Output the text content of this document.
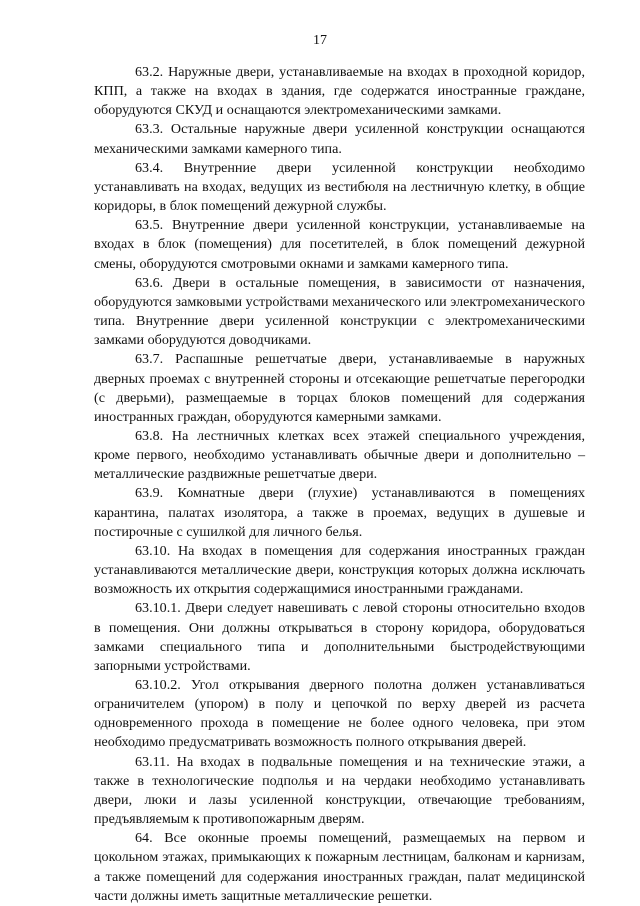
17

63.2. Наружные двери, устанавливаемые на входах в проходной коридор, КПП, а также на входах в здания, где содержатся иностранные граждане, оборудуются СКУД и оснащаются электромеханическими замками.

63.3. Остальные наружные двери усиленной конструкции оснащаются механическими замками камерного типа.

63.4. Внутренние двери усиленной конструкции необходимо устанавливать на входах, ведущих из вестибюля на лестничную клетку, в общие коридоры, в блок помещений дежурной службы.

63.5. Внутренние двери усиленной конструкции, устанавливаемые на входах в блок (помещения) для посетителей, в блок помещений дежурной смены, оборудуются смотровыми окнами и замками камерного типа.

63.6. Двери в остальные помещения, в зависимости от назначения, оборудуются замковыми устройствами механического или электромеханического типа. Внутренние двери усиленной конструкции с электромеханическими замками оборудуются доводчиками.

63.7. Распашные решетчатые двери, устанавливаемые в наружных дверных проемах с внутренней стороны и отсекающие решетчатые перегородки (с дверьми), размещаемые в торцах блоков помещений для содержания иностранных граждан, оборудуются камерными замками.

63.8. На лестничных клетках всех этажей специального учреждения, кроме первого, необходимо устанавливать обычные двери и дополнительно – металлические раздвижные решетчатые двери.

63.9. Комнатные двери (глухие) устанавливаются в помещениях карантина, палатах изолятора, а также в проемах, ведущих в душевые и постирочные с сушилкой для личного белья.

63.10. На входах в помещения для содержания иностранных граждан устанавливаются металлические двери, конструкция которых должна исключать возможность их открытия содержащимися иностранными гражданами.

63.10.1. Двери следует навешивать с левой стороны относительно входов в помещения. Они должны открываться в сторону коридора, оборудоваться замками специального типа и дополнительными быстродействующими запорными устройствами.

63.10.2. Угол открывания дверного полотна должен устанавливаться ограничителем (упором) в полу и цепочкой по верху дверей из расчета одновременного прохода в помещение не более одного человека, при этом необходимо предусматривать возможность полного открывания дверей.

63.11. На входах в подвальные помещения и на технические этажи, а также в технологические подполья и на чердаки необходимо устанавливать двери, люки и лазы усиленной конструкции, отвечающие требованиям, предъявляемым к противопожарным дверям.

64. Все оконные проемы помещений, размещаемых на первом и цокольном этажах, примыкающих к пожарным лестницам, балконам и карнизам, а также помещений для содержания иностранных граждан, палат медицинской части должны иметь защитные металлические решетки.
